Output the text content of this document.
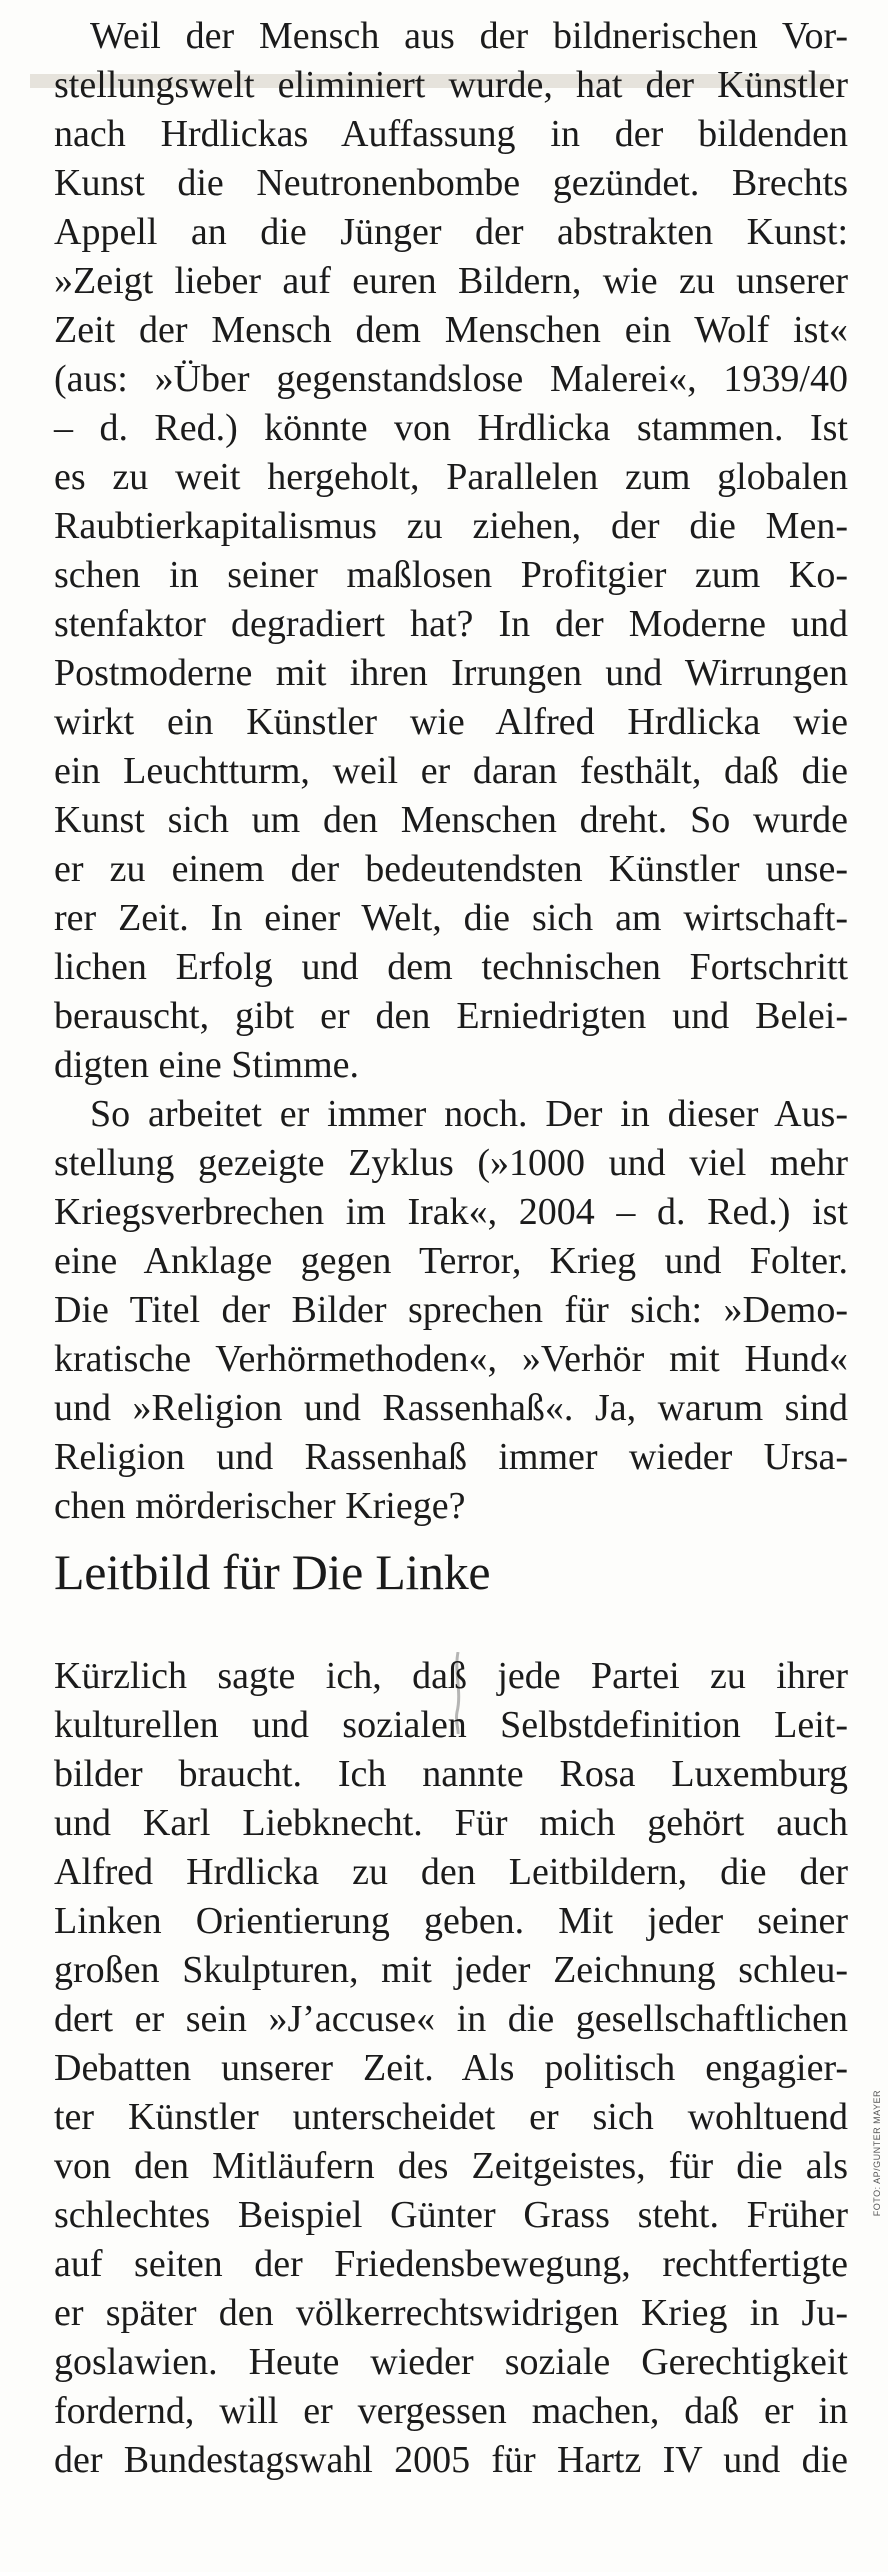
Weil der Mensch aus der bildnerischen Vor-
stellungswelt eliminiert wurde, hat der Künstler
nach Hrdlickas Auffassung in der bildenden
Kunst die Neutronenbombe gezündet. Brechts
Appell an die Jünger der abstrakten Kunst:
»Zeigt lieber auf euren Bildern, wie zu unserer
Zeit der Mensch dem Menschen ein Wolf ist«
(aus: »Über gegenstandslose Malerei«, 1939/40
– d. Red.) könnte von Hrdlicka stammen. Ist
es zu weit hergeholt, Parallelen zum globalen
Raubtierkapitalismus zu ziehen, der die Men-
schen in seiner maßlosen Profitgier zum Ko-
stenfaktor degradiert hat? In der Moderne und
Postmoderne mit ihren Irrungen und Wirrungen
wirkt ein Künstler wie Alfred Hrdlicka wie
ein Leuchtturm, weil er daran festhält, daß die
Kunst sich um den Menschen dreht. So wurde
er zu einem der bedeutendsten Künstler unse-
rer Zeit. In einer Welt, die sich am wirtschaft-
lichen Erfolg und dem technischen Fortschritt
berauscht, gibt er den Erniedrigten und Belei-
digten eine Stimme.
So arbeitet er immer noch. Der in dieser Aus-
stellung gezeigte Zyklus (»1000 und viel mehr
Kriegsverbrechen im Irak«, 2004 – d. Red.) ist
eine Anklage gegen Terror, Krieg und Folter.
Die Titel der Bilder sprechen für sich: »Demo-
kratische Verhörmethoden«, »Verhör mit Hund«
und »Religion und Rassenhaß«. Ja, warum sind
Religion und Rassenhaß immer wieder Ursa-
chen mörderischer Kriege?
Leitbild für Die Linke
Kürzlich sagte ich, daß jede Partei zu ihrer
kulturellen und sozialen Selbstdefinition Leit-
bilder braucht. Ich nannte Rosa Luxemburg
und Karl Liebknecht. Für mich gehört auch
Alfred Hrdlicka zu den Leitbildern, die der
Linken Orientierung geben. Mit jeder seiner
großen Skulpturen, mit jeder Zeichnung schleu-
dert er sein »J’accuse« in die gesellschaftlichen
Debatten unserer Zeit. Als politisch engagier-
ter Künstler unterscheidet er sich wohltuend
von den Mitläufern des Zeitgeistes, für die als
schlechtes Beispiel Günter Grass steht. Früher
auf seiten der Friedensbewegung, rechtfertigte
er später den völkerrechtswidrigen Krieg in Ju-
goslawien. Heute wieder soziale Gerechtigkeit
fordernd, will er vergessen machen, daß er in
der Bundestagswahl 2005 für Hartz IV und die
FOTO: AP/GUNTER MAYER
